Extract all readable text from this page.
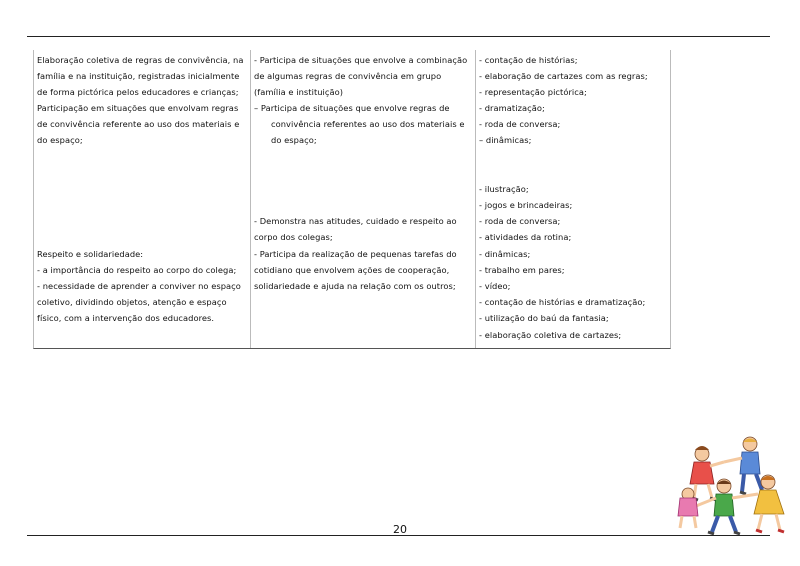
Elaboração coletiva de regras de convivência, na
família e na instituição, registradas inicialmente
de forma pictórica pelos educadores e crianças;
Participação em situações que envolvam regras
de convivência referente ao uso dos materiais e
do espaço;
Respeito e solidariedade:
- a importância do respeito ao corpo do colega;
- necessidade de aprender a conviver no espaço
coletivo, dividindo objetos, atenção e espaço
físico, com a intervenção dos educadores.
- Participa de situações que envolve a combinação
de algumas regras de convivência em grupo
(família e instituição)
– Participa de situações que envolve regras de
convivência referentes ao uso dos materiais e
do espaço;
- Demonstra nas atitudes, cuidado e respeito ao
corpo dos colegas;
- Participa da realização de pequenas tarefas do
cotidiano que envolvem ações de cooperação,
solidariedade e ajuda na relação com os outros;
- contação de histórias;
- elaboração de cartazes com as regras;
- representação pictórica;
- dramatização;
- roda de conversa;
– dinâmicas;
- ilustração;
- jogos e brincadeiras;
- roda de conversa;
- atividades da rotina;
- dinâmicas;
- trabalho em pares;
- vídeo;
- contação de histórias e dramatização;
- utilização do baú da fantasia;
- elaboração coletiva de cartazes;
20
